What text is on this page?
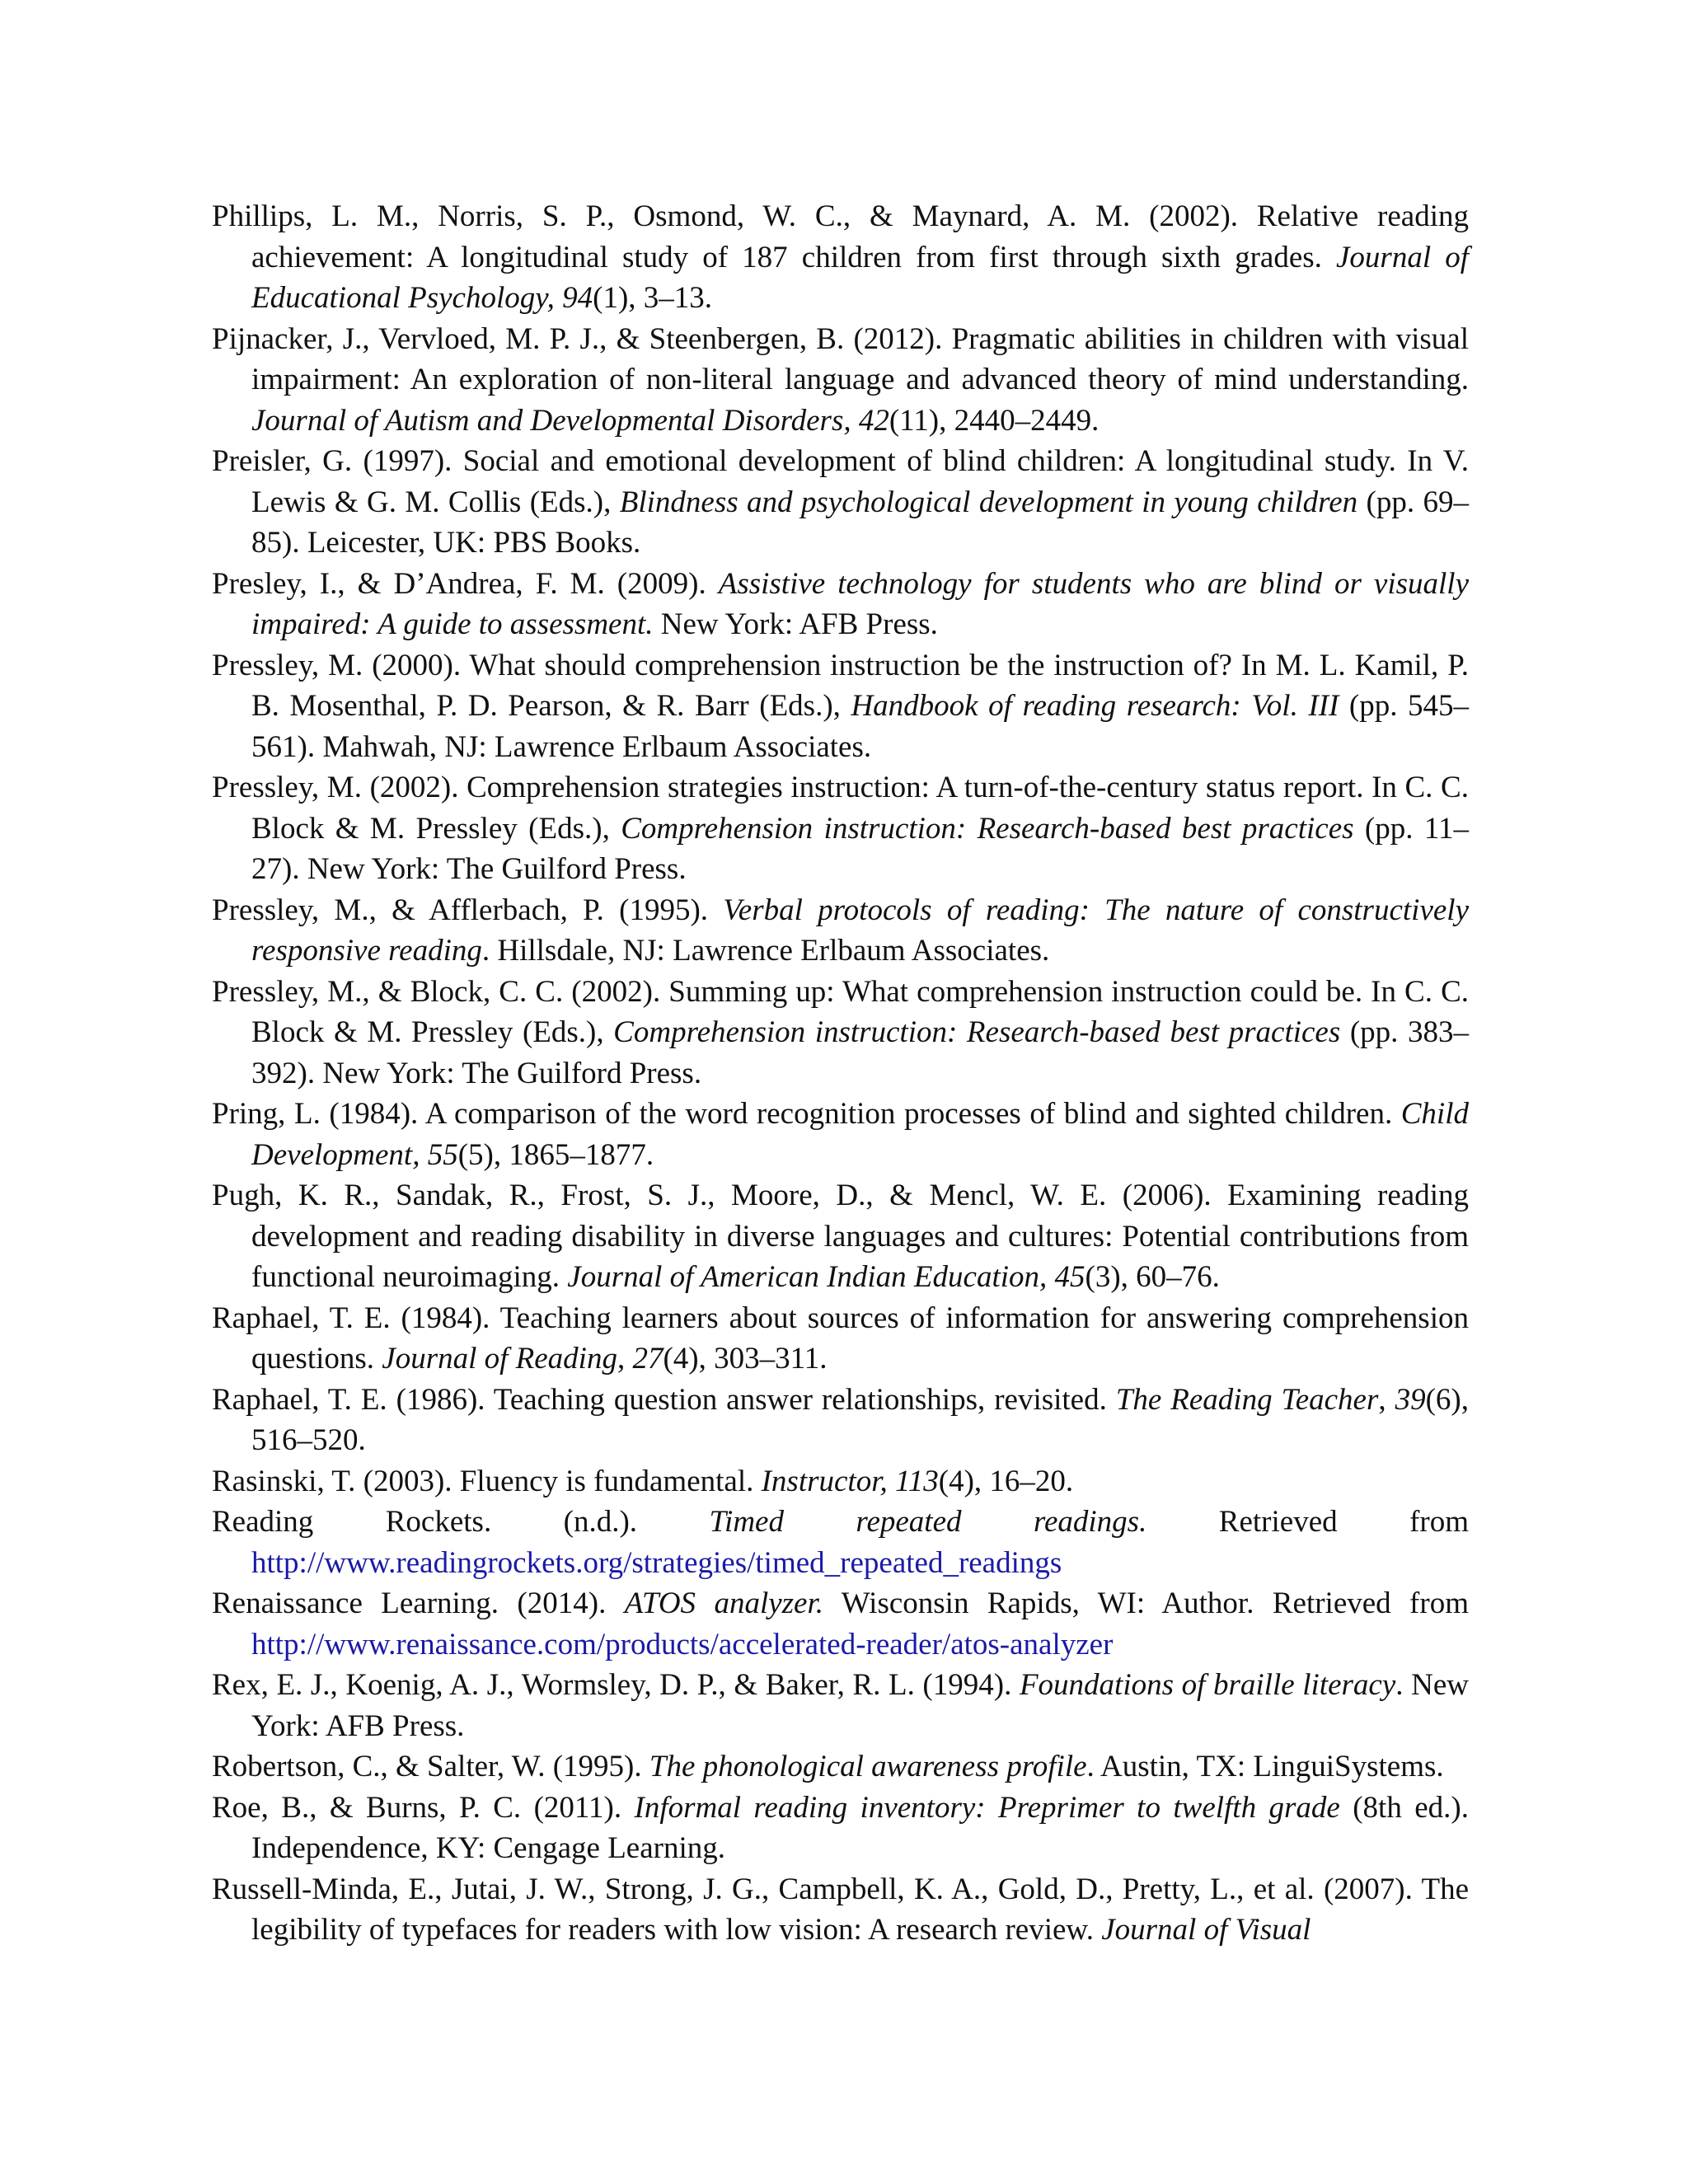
Phillips, L. M., Norris, S. P., Osmond, W. C., & Maynard, A. M. (2002). Relative reading achievement: A longitudinal study of 187 children from first through sixth grades. Journal of Educational Psychology, 94(1), 3–13.

Pijnacker, J., Vervloed, M. P. J., & Steenbergen, B. (2012). Pragmatic abilities in children with visual impairment: An exploration of non-literal language and advanced theory of mind understanding. Journal of Autism and Developmental Disorders, 42(11), 2440–2449.

Preisler, G. (1997). Social and emotional development of blind children: A longitudinal study. In V. Lewis & G. M. Collis (Eds.), Blindness and psychological development in young children (pp. 69–85). Leicester, UK: PBS Books.

Presley, I., & D’Andrea, F. M. (2009). Assistive technology for students who are blind or visually impaired: A guide to assessment. New York: AFB Press.

Pressley, M. (2000). What should comprehension instruction be the instruction of? In M. L. Kamil, P. B. Mosenthal, P. D. Pearson, & R. Barr (Eds.), Handbook of reading research: Vol. III (pp. 545–561). Mahwah, NJ: Lawrence Erlbaum Associates.

Pressley, M. (2002). Comprehension strategies instruction: A turn-of-the-century status report. In C. C. Block & M. Pressley (Eds.), Comprehension instruction: Research-based best practices (pp. 11–27). New York: The Guilford Press.

Pressley, M., & Afflerbach, P. (1995). Verbal protocols of reading: The nature of constructively responsive reading. Hillsdale, NJ: Lawrence Erlbaum Associates.

Pressley, M., & Block, C. C. (2002). Summing up: What comprehension instruction could be. In C. C. Block & M. Pressley (Eds.), Comprehension instruction: Research-based best practices (pp. 383–392). New York: The Guilford Press.

Pring, L. (1984). A comparison of the word recognition processes of blind and sighted children. Child Development, 55(5), 1865–1877.

Pugh, K. R., Sandak, R., Frost, S. J., Moore, D., & Mencl, W. E. (2006). Examining reading development and reading disability in diverse languages and cultures: Potential contributions from functional neuroimaging. Journal of American Indian Education, 45(3), 60–76.

Raphael, T. E. (1984). Teaching learners about sources of information for answering comprehension questions. Journal of Reading, 27(4), 303–311.

Raphael, T. E. (1986). Teaching question answer relationships, revisited. The Reading Teacher, 39(6), 516–520.

Rasinski, T. (2003). Fluency is fundamental. Instructor, 113(4), 16–20.

Reading Rockets. (n.d.). Timed repeated readings. Retrieved from http://www.readingrockets.org/strategies/timed_repeated_readings

Renaissance Learning. (2014). ATOS analyzer. Wisconsin Rapids, WI: Author. Retrieved from http://www.renaissance.com/products/accelerated-reader/atos-analyzer

Rex, E. J., Koenig, A. J., Wormsley, D. P., & Baker, R. L. (1994). Foundations of braille literacy. New York: AFB Press.

Robertson, C., & Salter, W. (1995). The phonological awareness profile. Austin, TX: LinguiSystems.

Roe, B., & Burns, P. C. (2011). Informal reading inventory: Preprimer to twelfth grade (8th ed.). Independence, KY: Cengage Learning.

Russell-Minda, E., Jutai, J. W., Strong, J. G., Campbell, K. A., Gold, D., Pretty, L., et al. (2007). The legibility of typefaces for readers with low vision: A research review. Journal of Visual
